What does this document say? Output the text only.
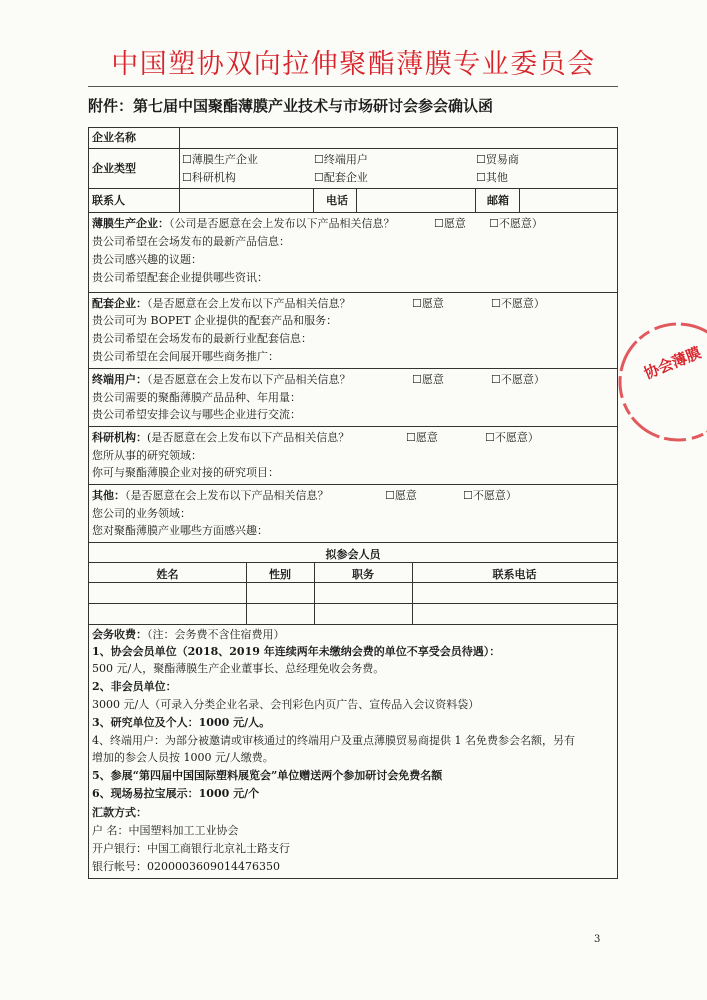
中国塑协双向拉伸聚酯薄膜专业委员会
附件：第七届中国聚酯薄膜产业技术与市场研讨会参会确认函
企业名称
企业类型
☐薄膜生产企业	☐终端用户	☐贸易商
☐科研机构	☐配套企业	☐其他
联系人	电话	邮箱
薄膜生产企业：（公司是否愿意在会上发布以下产品相关信息？	☐愿意 ☐不愿意）
贵公司希望在会场发布的最新产品信息：
贵公司感兴趣的议题：
贵公司希望配套企业提供哪些资讯：
配套企业：（是否愿意在会上发布以下产品相关信息？	☐愿意	☐不愿意）
贵公司可为 BOPET 企业提供的配套产品和服务：
贵公司希望在会场发布的最新行业配套信息：
贵公司希望在会间展开哪些商务推广：
终端用户：（是否愿意在会上发布以下产品相关信息？	☐愿意	☐不愿意）
贵公司需要的聚酯薄膜产品品种、年用量：
贵公司希望安排会议与哪些企业进行交流：
科研机构：(是否愿意在会上发布以下产品相关信息？	☐愿意	☐不愿意）
您所从事的研究领域：
你可与聚酯薄膜企业对接的研究项目：
其他：（是否愿意在会上发布以下产品相关信息？	☐愿意	☐不愿意）
您公司的业务领域：
您对聚酯薄膜产业哪些方面感兴趣：
拟参会人员
姓名	性别	职务	联系电话
会务收费：（注：会务费不含住宿费用）
1、协会会员单位（2018、2019 年连续两年未缴纳会费的单位不享受会员待遇）：
500 元/人，聚酯薄膜生产企业董事长、总经理免收会务费。
2、非会员单位：
3000 元/人（可录入分类企业名录、会刊彩色内页广告、宣传品入会议资料袋）
3、研究单位及个人：1000 元/人。
4、终端用户：为部分被邀请或审核通过的终端用户及重点薄膜贸易商提供 1 名免费参会名额，另有
增加的参会人员按 1000 元/人缴费。
5、参展“第四届中国国际塑料展览会”单位赠送两个参加研讨会免费名额
6、现场易拉宝展示：1000 元/个
汇款方式：
户 名：中国塑料加工工业协会
开户银行：中国工商银行北京礼士路支行
银行帐号：0200003609014476350
协会薄膜
3
